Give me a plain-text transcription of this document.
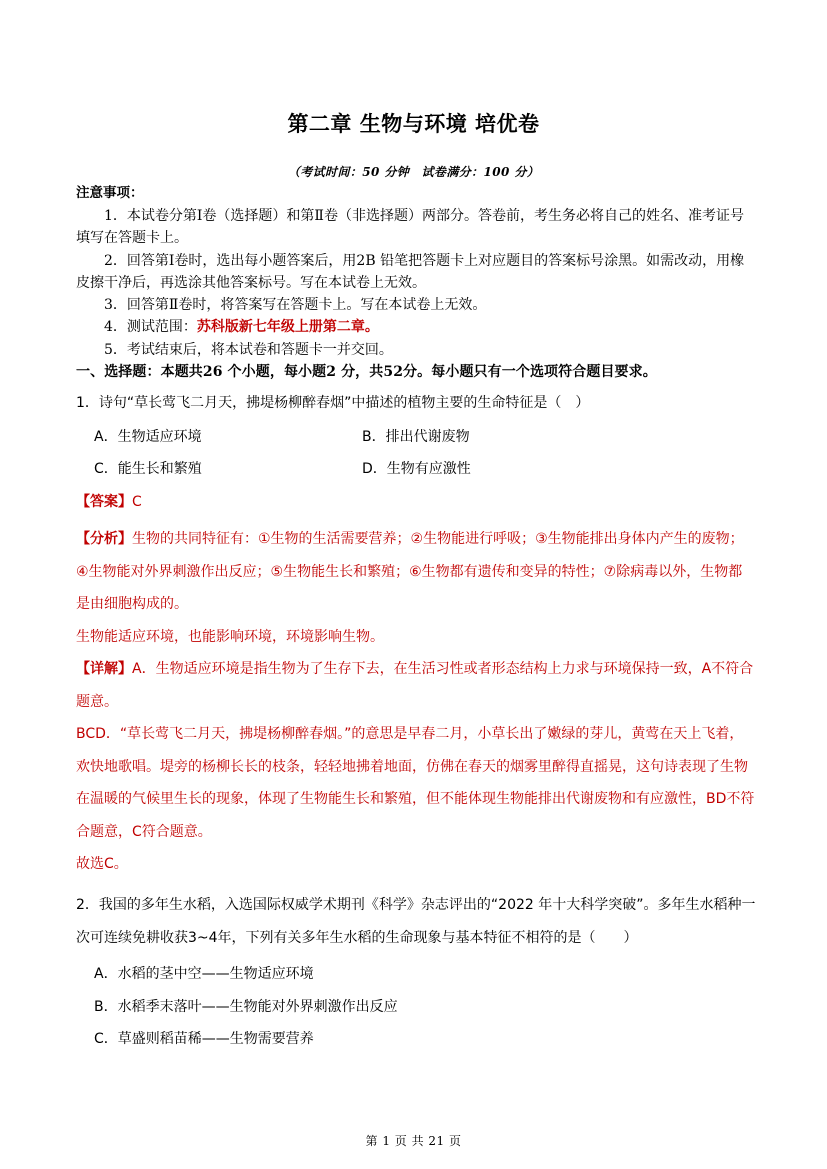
第二章 生物与环境 培优卷
（考试时间：50 分钟　试卷满分：100 分）
注意事项：

1．本试卷分第Ⅰ卷（选择题）和第Ⅱ卷（非选择题）两部分。答卷前，考生务必将自己的姓名、准考证号填写在答题卡上。

2．回答第Ⅰ卷时，选出每小题答案后，用2B 铅笔把答题卡上对应题目的答案标号涂黑。如需改动，用橡皮擦干净后，再选涂其他答案标号。写在本试卷上无效。

3．回答第Ⅱ卷时，将答案写在答题卡上。写在本试卷上无效。

4．测试范围：苏科版新七年级上册第二章。

5．考试结束后，将本试卷和答题卡一并交回。

一、选择题：本题共26 个小题，每小题2 分，共52分。每小题只有一个选项符合题目要求。
1．诗句“草长莺飞二月天，拂堤杨柳醉春烟”中描述的植物主要的生命特征是（　）
A．生物适应环境	B．排出代谢废物
C．能生长和繁殖	D．生物有应激性
【答案】C

【分析】生物的共同特征有：①生物的生活需要营养；②生物能进行呼吸；③生物能排出身体内产生的废物；④生物能对外界刺激作出反应；⑤生物能生长和繁殖；⑥生物都有遗传和变异的特性；⑦除病毒以外，生物都是由细胞构成的。

生物能适应环境，也能影响环境，环境影响生物。

【详解】A．生物适应环境是指生物为了生存下去，在生活习性或者形态结构上力求与环境保持一致，A不符合题意。

BCD．“草长莺飞二月天，拂堤杨柳醉春烟。”的意思是早春二月，小草长出了嫩绿的芽儿，黄莺在天上飞着，欢快地歌唱。堤旁的杨柳长长的枝条，轻轻地拂着地面，仿佛在春天的烟雾里醉得直摇晃，这句诗表现了生物在温暖的气候里生长的现象，体现了生物能生长和繁殖，但不能体现生物能排出代谢废物和有应激性，BD不符合题意，C符合题意。

故选C。

2．我国的多年生水稻，入选国际权威学术期刊《科学》杂志评出的“2022 年十大科学突破”。多年生水稻种一次可连续免耕收获3~4年，下列有关多年生水稻的生命现象与基本特征不相符的是（　　）
A．水稻的茎中空——生物适应环境
B．水稻季末落叶——生物能对外界刺激作出反应
C．草盛则稻苗稀——生物需要营养
第 1 页 共 21 页
